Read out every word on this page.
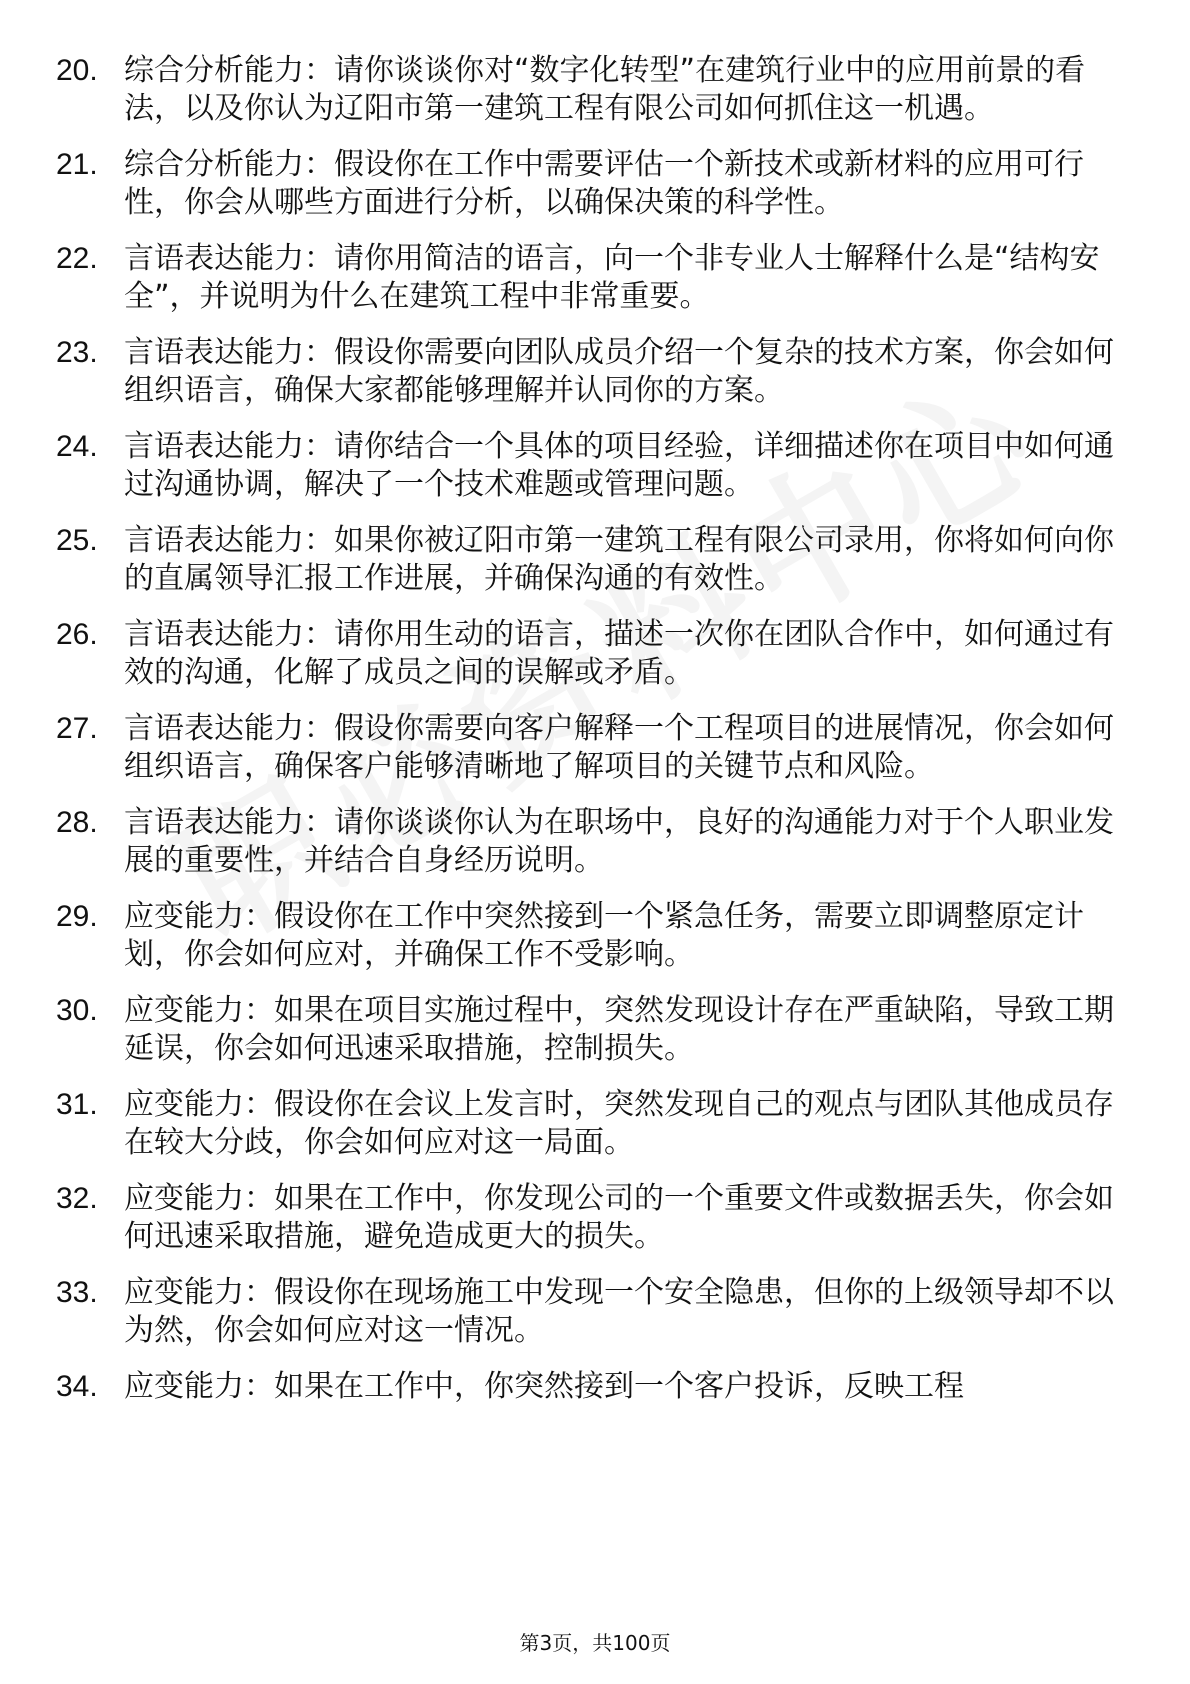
20. 综合分析能力：请你谈谈你对“数字化转型”在建筑行业中的应用前景的看法，以及你认为辽阳市第一建筑工程有限公司如何抓住这一机遇。
21. 综合分析能力：假设你在工作中需要评估一个新技术或新材料的应用可行性，你会从哪些方面进行分析，以确保决策的科学性。
22. 言语表达能力：请你用简洁的语言，向一个非专业人士解释什么是“结构安全”，并说明为什么在建筑工程中非常重要。
23. 言语表达能力：假设你需要向团队成员介绍一个复杂的技术方案，你会如何组织语言，确保大家都能够理解并认同你的方案。
24. 言语表达能力：请你结合一个具体的项目经验，详细描述你在项目中如何通过沟通协调，解决了一个技术难题或管理问题。
25. 言语表达能力：如果你被辽阳市第一建筑工程有限公司录用，你将如何向你的直属领导汇报工作进展，并确保沟通的有效性。
26. 言语表达能力：请你用生动的语言，描述一次你在团队合作中，如何通过有效的沟通，化解了成员之间的误解或矛盾。
27. 言语表达能力：假设你需要向客户解释一个工程项目的进展情况，你会如何组织语言，确保客户能够清晰地了解项目的关键节点和风险。
28. 言语表达能力：请你谈谈你认为在职场中，良好的沟通能力对于个人职业发展的重要性，并结合自身经历说明。
29. 应变能力：假设你在工作中突然接到一个紧急任务，需要立即调整原定计划，你会如何应对，并确保工作不受影响。
30. 应变能力：如果在项目实施过程中，突然发现设计存在严重缺陷，导致工期延误，你会如何迅速采取措施，控制损失。
31. 应变能力：假设你在会议上发言时，突然发现自己的观点与团队其他成员存在较大分歧，你会如何应对这一局面。
32. 应变能力：如果在工作中，你发现公司的一个重要文件或数据丢失，你会如何迅速采取措施，避免造成更大的损失。
33. 应变能力：假设你在现场施工中发现一个安全隐患，但你的上级领导却不以为然，你会如何应对这一情况。
34. 应变能力：如果在工作中，你突然接到一个客户投诉，反映工程
第3页，共100页
